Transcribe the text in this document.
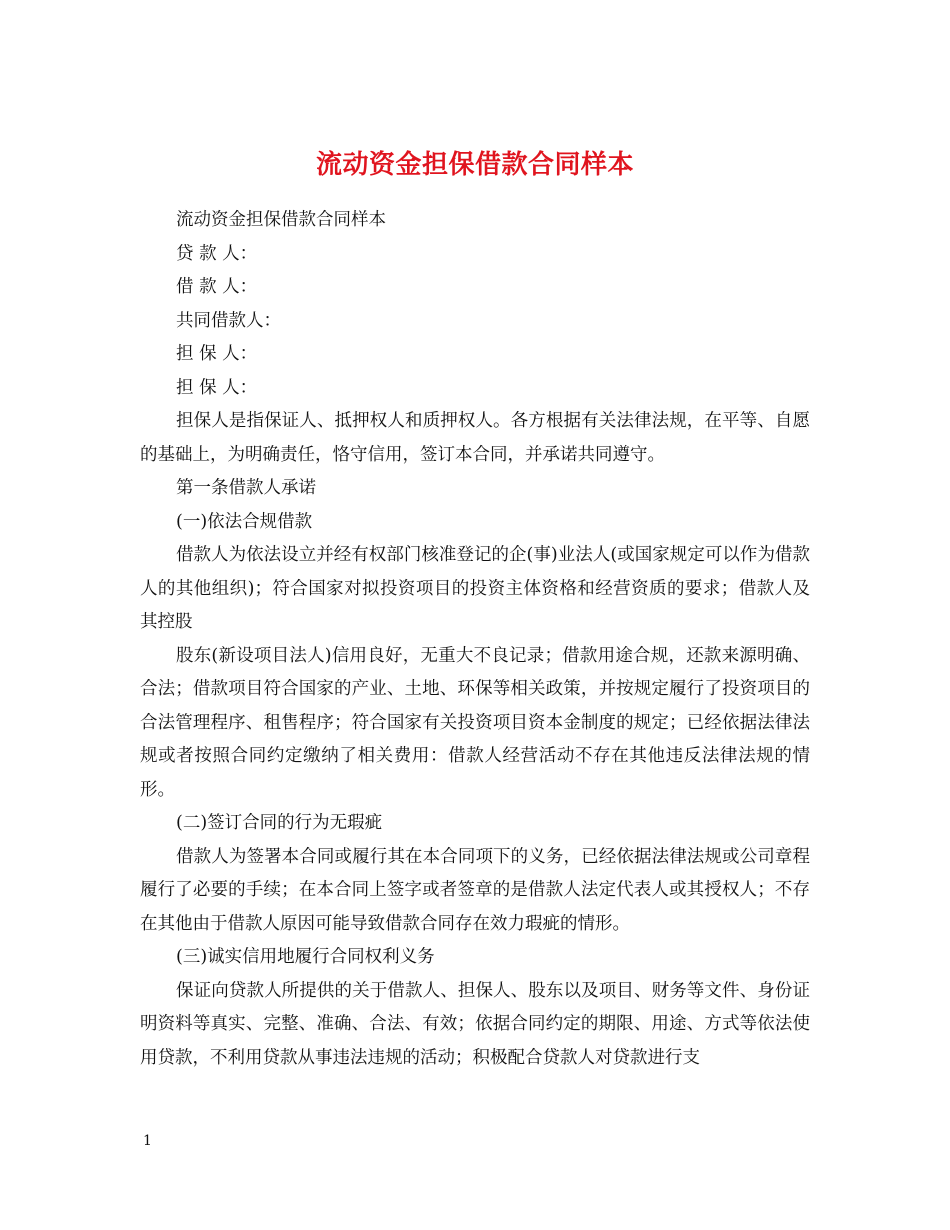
流动资金担保借款合同样本

流动资金担保借款合同样本

贷 款 人：

借 款 人：

共同借款人：

担 保 人：

担 保 人：

担保人是指保证人、抵押权人和质押权人。各方根据有关法律法规，在平等、自愿的基础上，为明确责任，恪守信用，签订本合同，并承诺共同遵守。

第一条借款人承诺

(一)依法合规借款

借款人为依法设立并经有权部门核准登记的企(事)业法人(或国家规定可以作为借款人的其他组织)；符合国家对拟投资项目的投资主体资格和经营资质的要求；借款人及其控股

股东(新设项目法人)信用良好，无重大不良记录；借款用途合规，还款来源明确、合法；借款项目符合国家的产业、土地、环保等相关政策，并按规定履行了投资项目的合法管理程序、租售程序；符合国家有关投资项目资本金制度的规定；已经依据法律法规或者按照合同约定缴纳了相关费用：借款人经营活动不存在其他违反法律法规的情形。

(二)签订合同的行为无瑕疵

借款人为签署本合同或履行其在本合同项下的义务，已经依据法律法规或公司章程履行了必要的手续；在本合同上签字或者签章的是借款人法定代表人或其授权人；不存在其他由于借款人原因可能导致借款合同存在效力瑕疵的情形。

(三)诚实信用地履行合同权利义务

保证向贷款人所提供的关于借款人、担保人、股东以及项目、财务等文件、身份证明资料等真实、完整、准确、合法、有效；依据合同约定的期限、用途、方式等依法使用贷款，不利用贷款从事违法违规的活动；积极配合贷款人对贷款进行支

1
